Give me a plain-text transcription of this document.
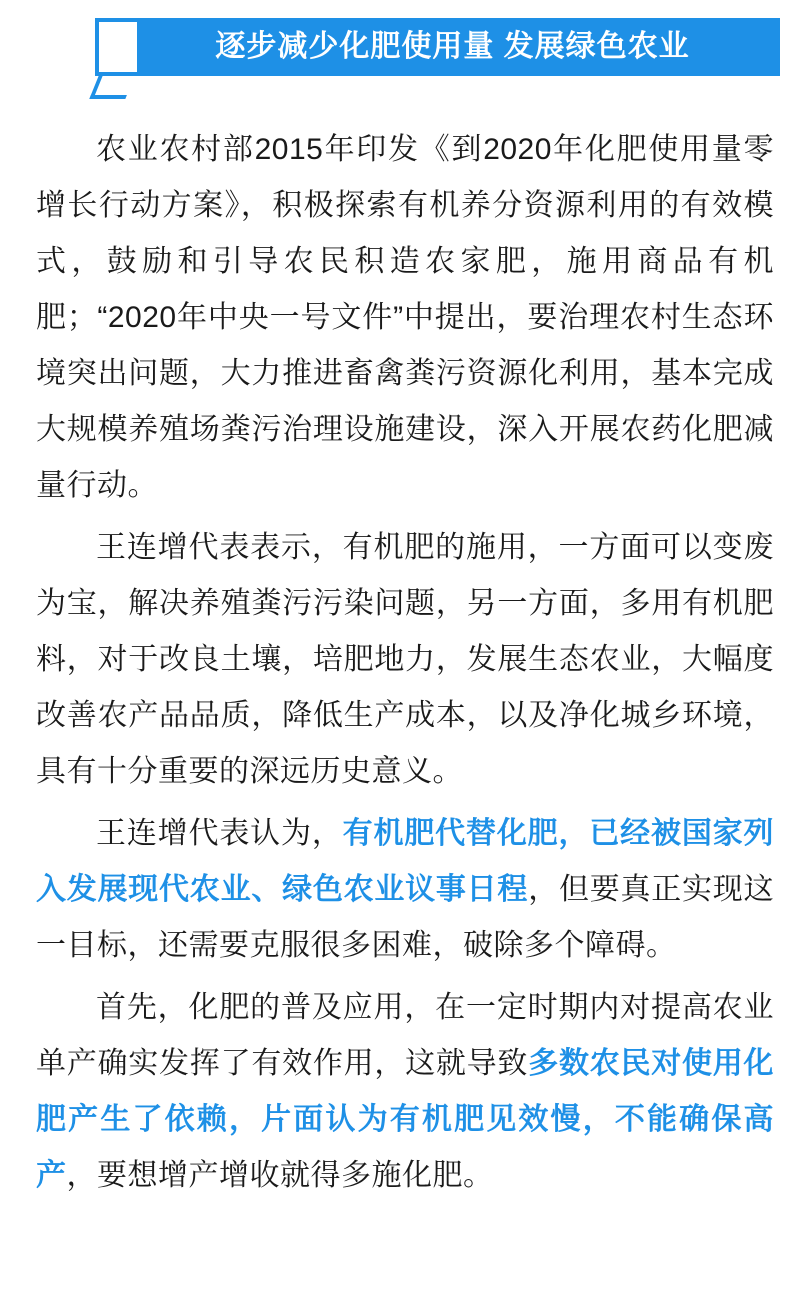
逐步减少化肥使用量 发展绿色农业

农业农村部2015年印发《到2020年化肥使用量零增长行动方案》，积极探索有机养分资源利用的有效模式，鼓励和引导农民积造农家肥，施用商品有机肥；“2020年中央一号文件”中提出，要治理农村生态环境突出问题，大力推进畜禽粪污资源化利用，基本完成大规模养殖场粪污治理设施建设，深入开展农药化肥减量行动。

王连增代表表示，有机肥的施用，一方面可以变废为宝，解决养殖粪污污染问题，另一方面，多用有机肥料，对于改良土壤，培肥地力，发展生态农业，大幅度改善农产品品质，降低生产成本，以及净化城乡环境，具有十分重要的深远历史意义。

王连增代表认为，有机肥代替化肥，已经被国家列入发展现代农业、绿色农业议事日程，但要真正实现这一目标，还需要克服很多困难，破除多个障碍。

首先，化肥的普及应用，在一定时期内对提高农业单产确实发挥了有效作用，这就导致多数农民对使用化肥产生了依赖，片面认为有机肥见效慢，不能确保高产，要想增产增收就得多施化肥。
